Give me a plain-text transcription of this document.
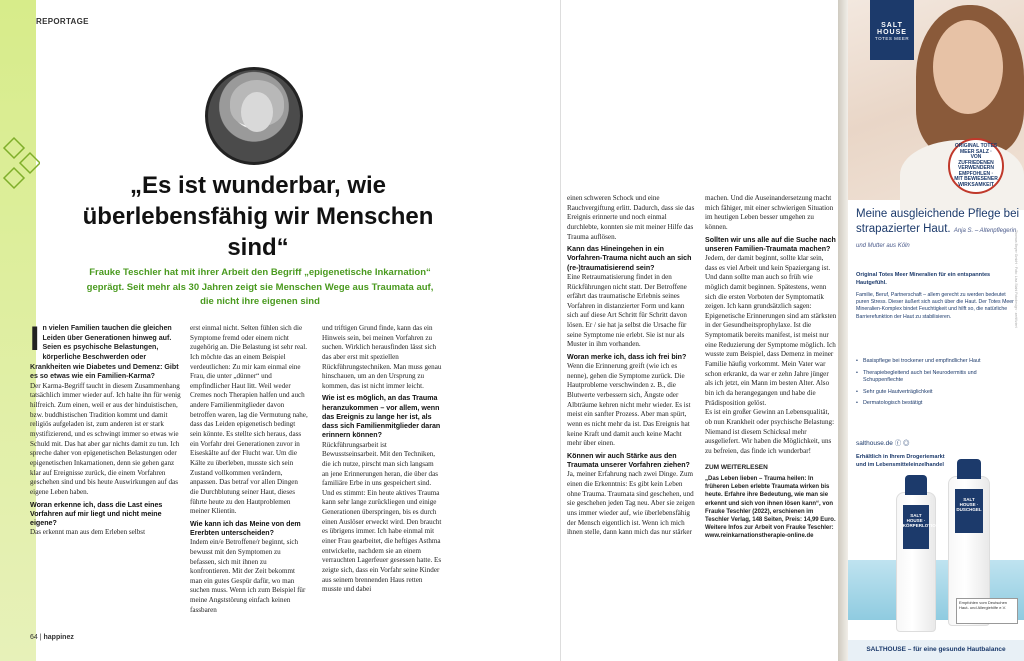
REPORTAGE
„Es ist wunderbar, wie überlebensfähig wir Menschen sind“
Frauke Teschler hat mit ihrer Arbeit den Begriff „epigenetische Inkarnation“ geprägt. Seit mehr als 30 Jahren zeigt sie Menschen Wege aus Traumata auf, die nicht ihre eigenen sind

In vielen Familien tauchen die gleichen Leiden über Generationen hinweg auf. Seien es psychische Belastungen, körperliche Beschwerden oder Krankheiten wie Diabetes und Demenz: Gibt es so etwas wie ein Familien-Karma?

Der Karma-Begriff taucht in diesem Zusammenhang tatsächlich immer wieder auf. Ich halte ihn für wenig hilfreich. Zum einen, weil er aus der hinduistischen, bzw. buddhistischen Tradition kommt und damit religiös aufgeladen ist, zum anderen ist er stark mystifizierend, und es schwingt immer so etwas wie Schuld mit. Das hat aber gar nichts damit zu tun. Ich spreche daher von epigenetischen Belastungen oder epigenetischen Inkarnationen, denn sie gehen ganz klar auf Ereignisse zurück, die einem Vorfahren geschehen sind und bis heute Auswirkungen auf das eigene Leben haben.

Woran erkenne ich, dass die Last eines Vorfahren auf mir liegt und nicht meine eigene?

Das erkennt man aus dem Erleben selbst

erst einmal nicht. Selten fühlen sich die Symptome fremd oder einem nicht zugehörig an. Die Belastung ist sehr real. Ich möchte das an einem Beispiel verdeutlichen: Zu mir kam einmal eine Frau, die unter „dünner“ und empfindlicher Haut litt. Weil weder Cremes noch Therapien halfen und auch andere Familienmitglieder davon betroffen waren, lag die Vermutung nahe, dass das Leiden epigenetisch bedingt sein könnte. Es stellte sich heraus, dass ein Vorfahr drei Generationen zuvor in Eiseskälte auf der Flucht war. Um die Kälte zu überleben, musste sich sein Zustand vollkommen verändern, anpassen. Das betraf vor allen Dingen die Durchblutung seiner Haut, dieses führte heute zu den Hautproblemen meiner Klientin.

Wie kann ich das Meine von dem Ererbten unterscheiden?

Indem ein/e Betroffene/r beginnt, sich bewusst mit den Symptomen zu befassen, sich mit ihnen zu konfrontieren. Mit der Zeit bekommt man ein gutes Gespür dafür, wo man suchen muss. Wenn ich zum Beispiel für meine Angststörung einfach keinen fassbaren

und triftigen Grund finde, kann das ein Hinweis sein, bei meinen Vorfahren zu suchen. Wirklich herausfinden lässt sich das aber erst mit speziellen Rückführungstechniken. Man muss genau hinschauen, um an den Ursprung zu kommen, das ist nicht immer leicht.

Wie ist es möglich, an das Trauma heranzukommen – vor allem, wenn das Ereignis zu lange her ist, als dass sich Familienmitglieder daran erinnern können?

Rückführungsarbeit ist Bewusstseinsarbeit. Mit den Techniken, die ich nutze, pirscht man sich langsam an jene Erinnerungen heran, die über das familiäre Erbe in uns gespeichert sind. Und es stimmt: Ein heute aktives Trauma kann sehr lange zurückliegen und einige Generationen überspringen, bis es durch einen Auslöser erweckt wird. Den braucht es übrigens immer. Ich habe einmal mit einer Frau gearbeitet, die heftiges Asthma entwickelte, nachdem sie an einem verrauchten Lagerfeuer gesessen hatte. Es zeigte sich, dass ein Vorfahr seine Kinder aus seinem brennenden Haus retten musste und dabei

64 | happinez

einen schweren Schock und eine Rauchvergiftung erlitt. Dadurch, dass sie das Ereignis erinnerte und noch einmal durchlebte, konnten sie mit meiner Hilfe das Trauma auflösen.

Kann das Hineingehen in ein Vorfahren-Trauma nicht auch an sich (re-)traumatisierend sein?

Eine Retraumatisierung findet in den Rückführungen nicht statt. Der Betroffene erfährt das traumatische Erlebnis seines Vorfahren in distanzierter Form und kann sich auf diese Art Schritt für Schritt davon lösen. Er / sie hat ja selbst die Ursache für seine Symptome nie erlebt. Sie ist nur als Muster in ihm vorhanden.

Woran merke ich, dass ich frei bin?

Wenn die Erinnerung greift (wie ich es nenne), gehen die Symptome zurück. Die Hautprobleme verschwinden z. B., die Blutwerte verbessern sich, Ängste oder Albträume kehren nicht mehr wieder. Es ist meist ein sanfter Prozess. Aber man spürt, wenn es nicht mehr da ist. Das Ereignis hat keine Kraft und damit auch keine Macht mehr über einen.

Können wir auch Stärke aus den Traumata unserer Vorfahren ziehen?

Ja, meiner Erfahrung nach zwei Dinge. Zum einen die Erkenntnis: Es gibt kein Leben ohne Trauma. Traumata sind geschehen, und sie geschehen jeden Tag neu. Aber sie zeigen uns immer wieder auf, wie überlebensfähig der Mensch eigentlich ist. Wenn ich mich ihnen stelle, dann kann mich das nur stärker

machen. Und die Auseinandersetzung macht mich fähiger, mit einer schwierigen Situation im heutigen Leben besser umgehen zu können.

Sollten wir uns alle auf die Suche nach unseren Familien-Traumata machen?

Jedem, der damit beginnt, sollte klar sein, dass es viel Arbeit und kein Spaziergang ist. Und dann sollte man auch so früh wie möglich damit beginnen. Spätestens, wenn sich die ersten Vorboten der Symptomatik zeigen. Ich kann grundsätzlich sagen: Epigenetische Erinnerungen sind am stärksten in der Gesundheitsprophylaxe. Ist die Symptomatik bereits manifest, ist meist nur eine Reduzierung der Symptome möglich. Ich wusste zum Beispiel, dass Demenz in meiner Familie häufig vorkommt. Mein Vater war schon erkrankt, da war er zehn Jahre jünger als ich jetzt, ein Mann im besten Alter. Also bin ich da herangegangen und habe die Prädisposition gelöst.

Es ist ein großer Gewinn an Lebensqualität, ob nun Krankheit oder psychische Belastung: Niemand ist diesem Schicksal mehr ausgeliefert. Wir haben die Möglichkeit, uns zu befreien, das finde ich wunderbar!

ZUM WEITERLESEN
„Das Leben lieben – Trauma heilen: In früheren Leben erlebte Traumata wirken bis heute. Erfahre ihre Bedeutung, wie man sie erkennt und sich von ihnen lösen kann“, von Frauke Teschler (2022), erschienen im Teschler Verlag, 148 Seiten, Preis: 14,99 Euro. Weitere Infos zur Arbeit von Frauke Teschler: www.reinkarnationstherapie-online.de
SALT HOUSE
TOTES MEER
ORIGINAL TOTES MEER SALZ · VON ZUFRIEDENEN VERWENDERN EMPFOHLEN · MIT BEWIESENER WIRKSAMKEIT
Meine ausgleichende Pflege bei strapazierter Haut. Anja S. – Altenpflegerin und Mutter aus Köln

Original Totes Meer Mineralien für ein entspanntes Hautgefühl.

Familie, Beruf, Partnerschaft – allem gerecht zu werden bedeutet puren Stress. Dieser äußert sich auch über die Haut. Der Totes Meer Mineralien-Komplex bindet Feuchtigkeit und hilft so, die natürliche Barrierefunktion der Haut zu stabilisieren.

• Basispflege bei trockener und empfindlicher Haut
• Therapiebegleitend auch bei Neurodermitis und Schuppenflechte
• Sehr gute Hautverträglichkeit
• Dermatologisch bestätigt
salthouse.de ⓕ ◎
Erhältlich in Ihrem Drogeriemarkt und im Lebensmitteleinzelhandel
SALT HOUSE · KÖRPERLOTION
SALT HOUSE · DUSCHGEL
Empfohlen vom Deutschen Haut- und Allergiehilfe e.V.
Thomas Beyer GmbH · Foto: Lisa Stahl Fotodesign · zertifiziert
SALTHOUSE – für eine gesunde Hautbalance
